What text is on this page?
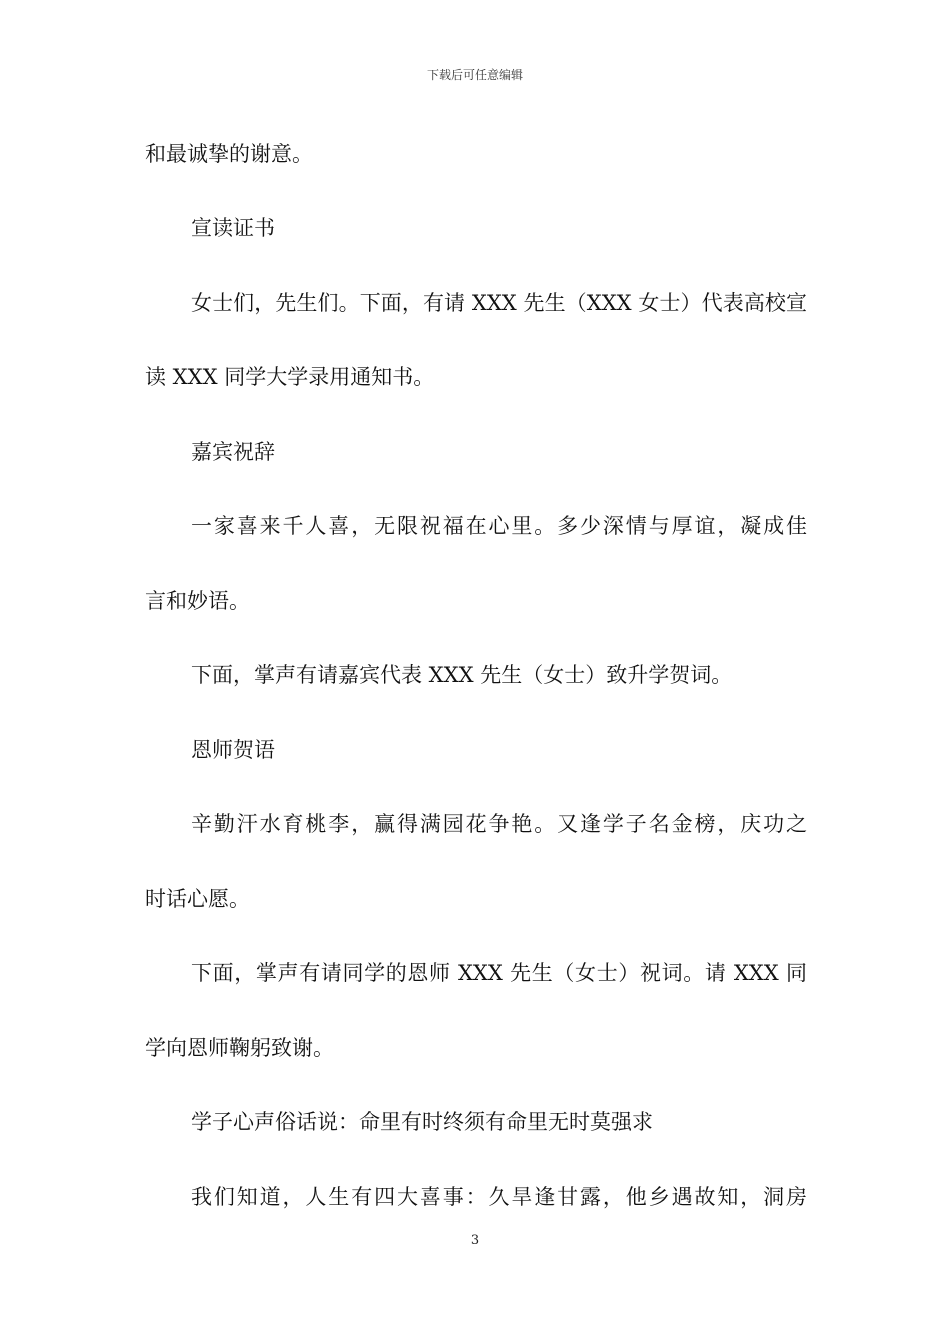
下载后可任意编辑

和最诚挚的谢意。

宣读证书

女士们，先生们。下面，有请 XXX 先生（XXX 女士）代表高校宣

读 XXX 同学大学录用通知书。

嘉宾祝辞

一家喜来千人喜，无限祝福在心里。多少深情与厚谊，凝成佳

言和妙语。

下面，掌声有请嘉宾代表 XXX 先生（女士）致升学贺词。

恩师贺语

辛勤汗水育桃李，赢得满园花争艳。又逢学子名金榜，庆功之

时话心愿。

下面，掌声有请同学的恩师 XXX 先生（女士）祝词。请 XXX 同

学向恩师鞠躬致谢。

学子心声俗话说：命里有时终须有命里无时莫强求

我们知道，人生有四大喜事：久旱逢甘露，他乡遇故知，洞房

3
